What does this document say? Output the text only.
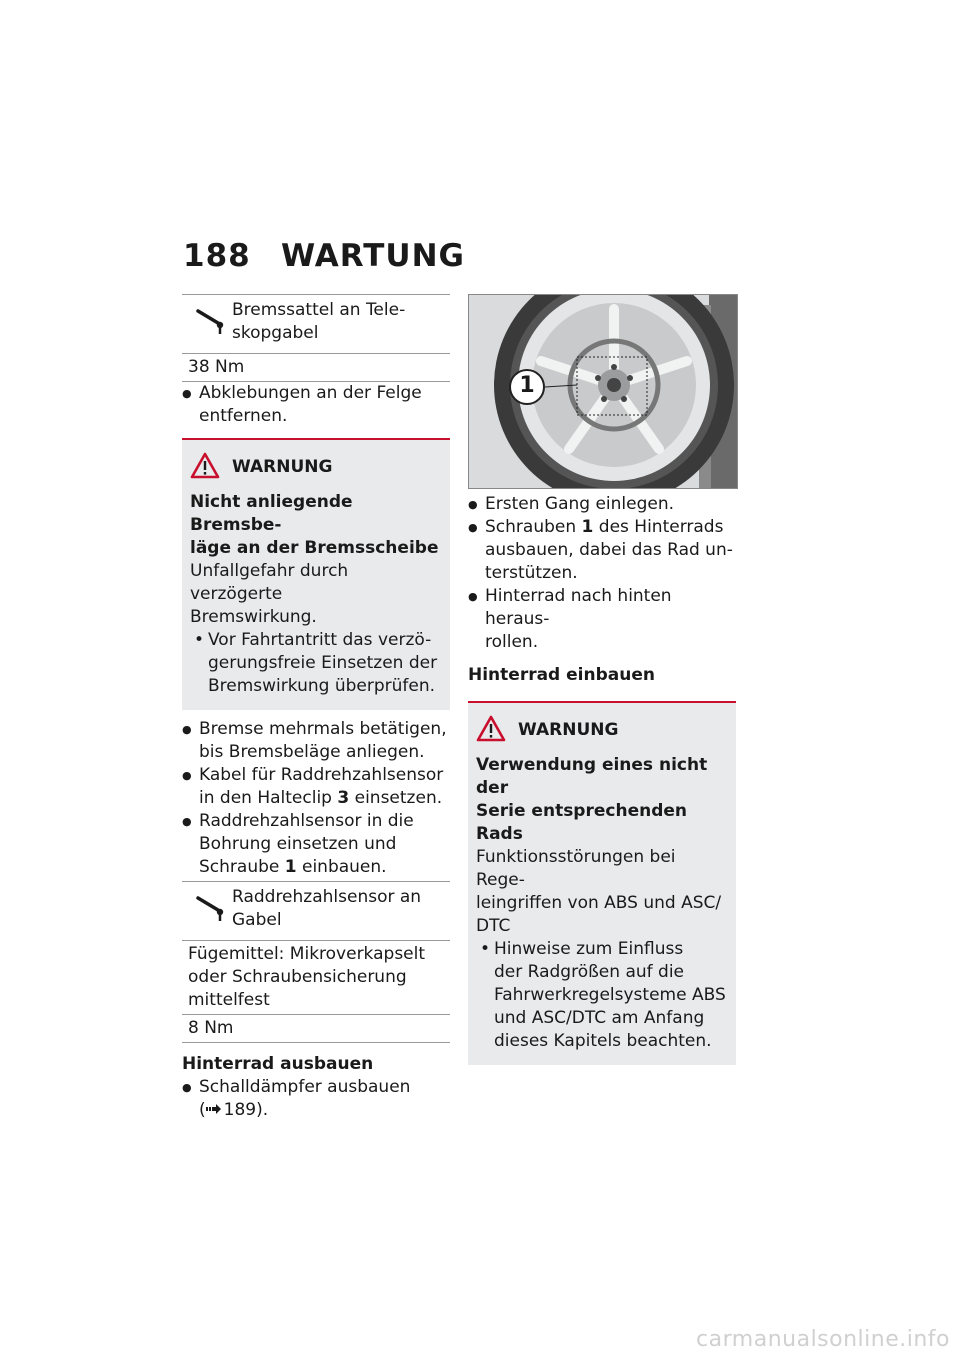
188 WARTUNG
Bremssattel an Tele-
skopgabel
38 Nm
● Abklebungen an der Felge
entfernen.
WARNUNG
Nicht anliegende Bremsbe-
läge an der Bremsscheibe
Unfallgefahr durch verzögerte
Bremswirkung.
• Vor Fahrtantritt das verzö-
gerungsfreie Einsetzen der
Bremswirkung überprüfen.
● Bremse mehrmals betätigen,
bis Bremsbeläge anliegen.
● Kabel für Raddrehzahlsensor
in den Halteclip 3 einsetzen.
● Raddrehzahlsensor in die
Bohrung einsetzen und
Schraube 1 einbauen.
Raddrehzahlsensor an
Gabel
Fügemittel: Mikroverkapselt
oder Schraubensicherung
mittelfest
8 Nm
Hinterrad ausbauen
● Schalldämpfer ausbauen
( 189).
1
● Ersten Gang einlegen.
● Schrauben 1 des Hinterrads
ausbauen, dabei das Rad un-
terstützen.
● Hinterrad nach hinten heraus-
rollen.
Hinterrad einbauen
WARNUNG
Verwendung eines nicht der
Serie entsprechenden Rads
Funktionsstörungen bei Rege-
leingriffen von ABS und ASC/
DTC
• Hinweise zum Einfluss
der Radgrößen auf die
Fahrwerkregelsysteme ABS
und ASC/DTC am Anfang
dieses Kapitels beachten.
carmanualsonline.info
